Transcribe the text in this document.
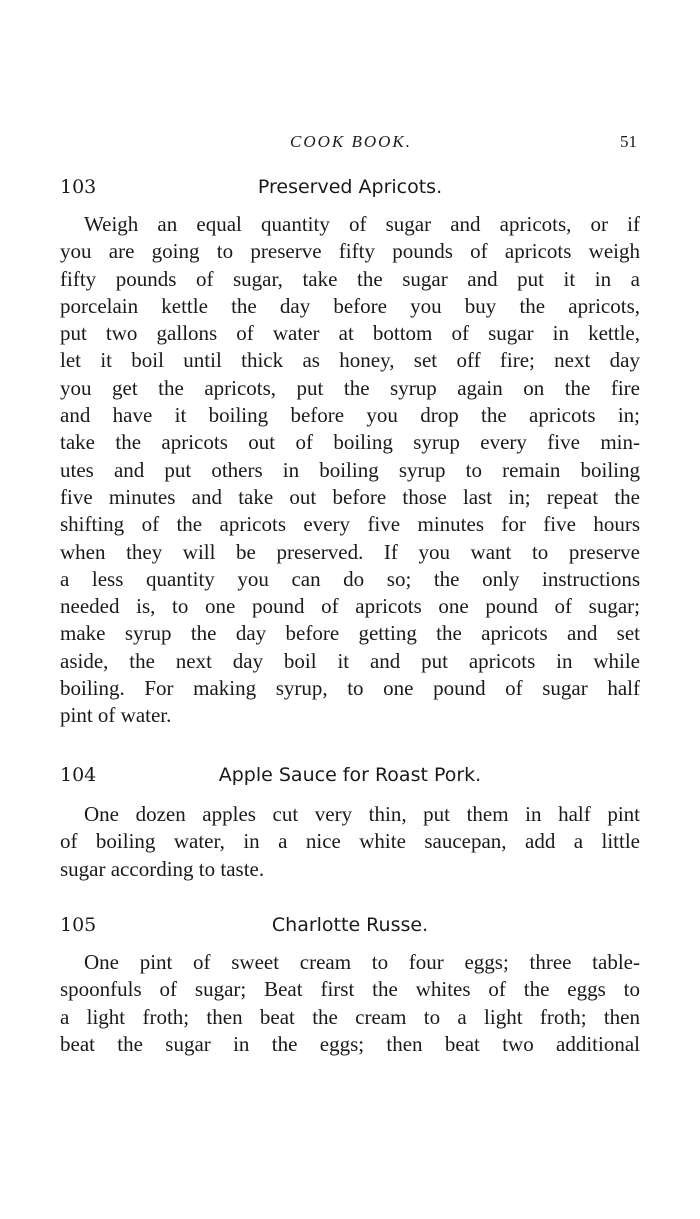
COOK BOOK.	51
103	Preserved Apricots.
Weigh an equal quantity of sugar and apricots, or if
you are going to preserve fifty pounds of apricots weigh
fifty pounds of sugar, take the sugar and put it in a
porcelain kettle the day before you buy the apricots,
put two gallons of water at bottom of sugar in kettle,
let it boil until thick as honey, set off fire; next day
you get the apricots, put the syrup again on the fire
and have it boiling before you drop the apricots in;
take the apricots out of boiling syrup every five min-
utes and put others in boiling syrup to remain boiling
five minutes and take out before those last in; repeat the
shifting of the apricots every five minutes for five hours
when they will be preserved. If you want to preserve
a less quantity you can do so; the only instructions
needed is, to one pound of apricots one pound of sugar;
make syrup the day before getting the apricots and set
aside, the next day boil it and put apricots in while
boiling. For making syrup, to one pound of sugar half
pint of water.
104	Apple Sauce for Roast Pork.
One dozen apples cut very thin, put them in half pint
of boiling water, in a nice white saucepan, add a little
sugar according to taste.
105	Charlotte Russe.
One pint of sweet cream to four eggs; three table-
spoonfuls of sugar; Beat first the whites of the eggs to
a light froth; then beat the cream to a light froth; then
beat the sugar in the eggs; then beat two additional
